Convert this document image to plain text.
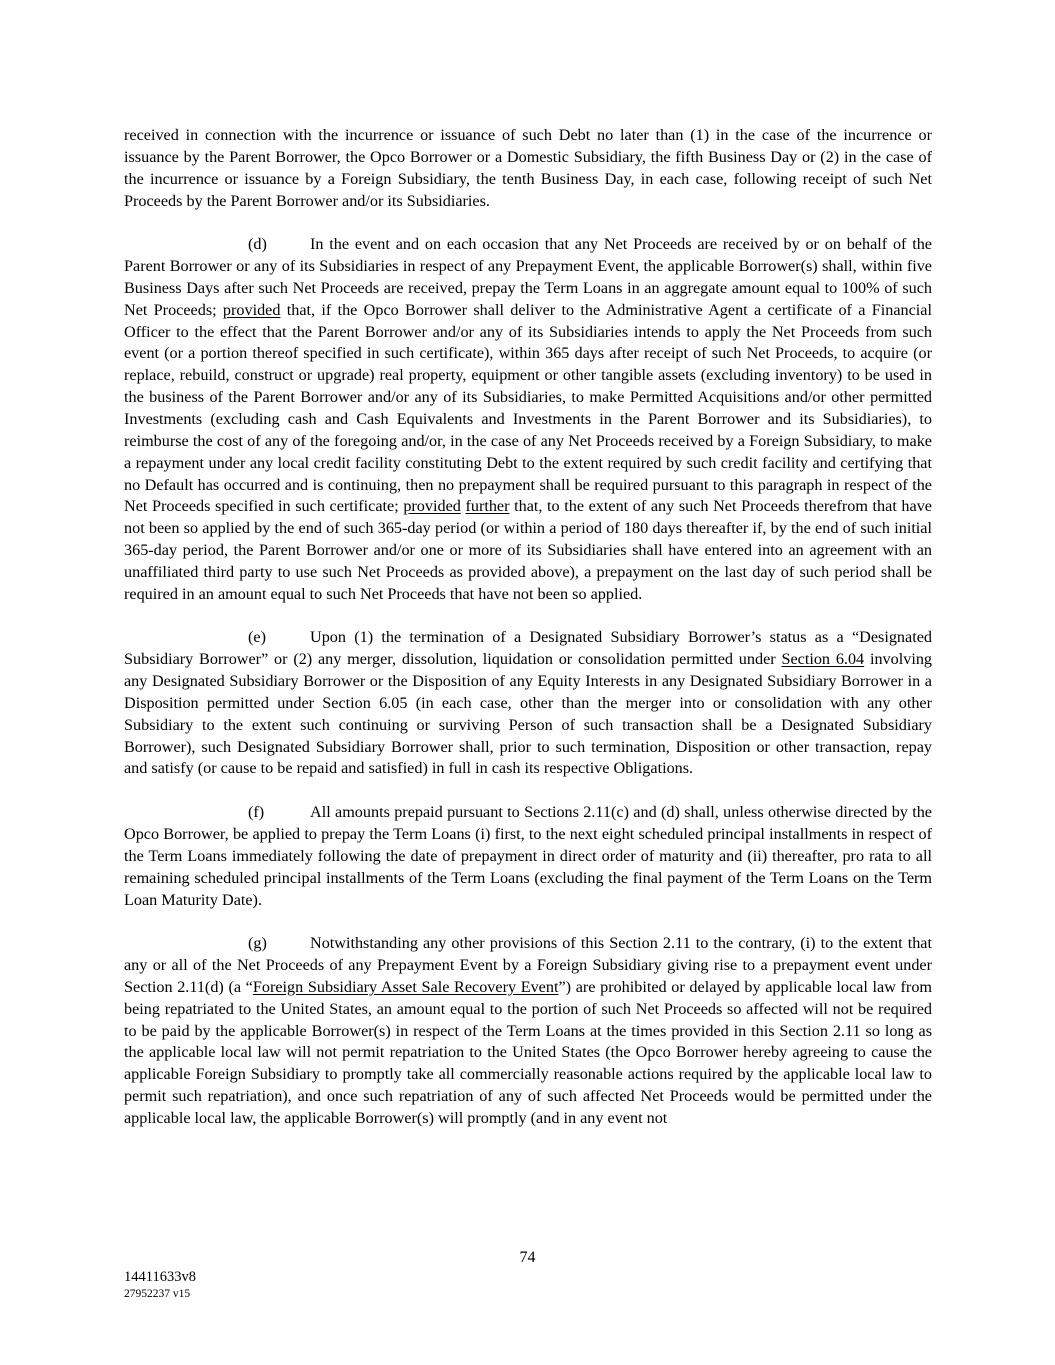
received in connection with the incurrence or issuance of such Debt no later than (1) in the case of the incurrence or issuance by the Parent Borrower, the Opco Borrower or a Domestic Subsidiary, the fifth Business Day or (2) in the case of the incurrence or issuance by a Foreign Subsidiary, the tenth Business Day, in each case, following receipt of such Net Proceeds by the Parent Borrower and/or its Subsidiaries.

(d)	In the event and on each occasion that any Net Proceeds are received by or on behalf of the Parent Borrower or any of its Subsidiaries in respect of any Prepayment Event, the applicable Borrower(s) shall, within five Business Days after such Net Proceeds are received, prepay the Term Loans in an aggregate amount equal to 100% of such Net Proceeds; provided that, if the Opco Borrower shall deliver to the Administrative Agent a certificate of a Financial Officer to the effect that the Parent Borrower and/or any of its Subsidiaries intends to apply the Net Proceeds from such event (or a portion thereof specified in such certificate), within 365 days after receipt of such Net Proceeds, to acquire (or replace, rebuild, construct or upgrade) real property, equipment or other tangible assets (excluding inventory) to be used in the business of the Parent Borrower and/or any of its Subsidiaries, to make Permitted Acquisitions and/or other permitted Investments (excluding cash and Cash Equivalents and Investments in the Parent Borrower and its Subsidiaries), to reimburse the cost of any of the foregoing and/or, in the case of any Net Proceeds received by a Foreign Subsidiary, to make a repayment under any local credit facility constituting Debt to the extent required by such credit facility and certifying that no Default has occurred and is continuing, then no prepayment shall be required pursuant to this paragraph in respect of the Net Proceeds specified in such certificate; provided further that, to the extent of any such Net Proceeds therefrom that have not been so applied by the end of such 365-day period (or within a period of 180 days thereafter if, by the end of such initial 365-day period, the Parent Borrower and/or one or more of its Subsidiaries shall have entered into an agreement with an unaffiliated third party to use such Net Proceeds as provided above), a prepayment on the last day of such period shall be required in an amount equal to such Net Proceeds that have not been so applied.

(e)	Upon (1) the termination of a Designated Subsidiary Borrower’s status as a “Designated Subsidiary Borrower” or (2) any merger, dissolution, liquidation or consolidation permitted under Section 6.04 involving any Designated Subsidiary Borrower or the Disposition of any Equity Interests in any Designated Subsidiary Borrower in a Disposition permitted under Section 6.05 (in each case, other than the merger into or consolidation with any other Subsidiary to the extent such continuing or surviving Person of such transaction shall be a Designated Subsidiary Borrower), such Designated Subsidiary Borrower shall, prior to such termination, Disposition or other transaction, repay and satisfy (or cause to be repaid and satisfied) in full in cash its respective Obligations.

(f)	All amounts prepaid pursuant to Sections 2.11(c) and (d) shall, unless otherwise directed by the Opco Borrower, be applied to prepay the Term Loans (i) first, to the next eight scheduled principal installments in respect of the Term Loans immediately following the date of prepayment in direct order of maturity and (ii) thereafter, pro rata to all remaining scheduled principal installments of the Term Loans (excluding the final payment of the Term Loans on the Term Loan Maturity Date).

(g)	Notwithstanding any other provisions of this Section 2.11 to the contrary, (i) to the extent that any or all of the Net Proceeds of any Prepayment Event by a Foreign Subsidiary giving rise to a prepayment event under Section 2.11(d) (a “Foreign Subsidiary Asset Sale Recovery Event”) are prohibited or delayed by applicable local law from being repatriated to the United States, an amount equal to the portion of such Net Proceeds so affected will not be required to be paid by the applicable Borrower(s) in respect of the Term Loans at the times provided in this Section 2.11 so long as the applicable local law will not permit repatriation to the United States (the Opco Borrower hereby agreeing to cause the applicable Foreign Subsidiary to promptly take all commercially reasonable actions required by the applicable local law to permit such repatriation), and once such repatriation of any of such affected Net Proceeds would be permitted under the applicable local law, the applicable Borrower(s) will promptly (and in any event not

74
14411633v8
27952237 v15
